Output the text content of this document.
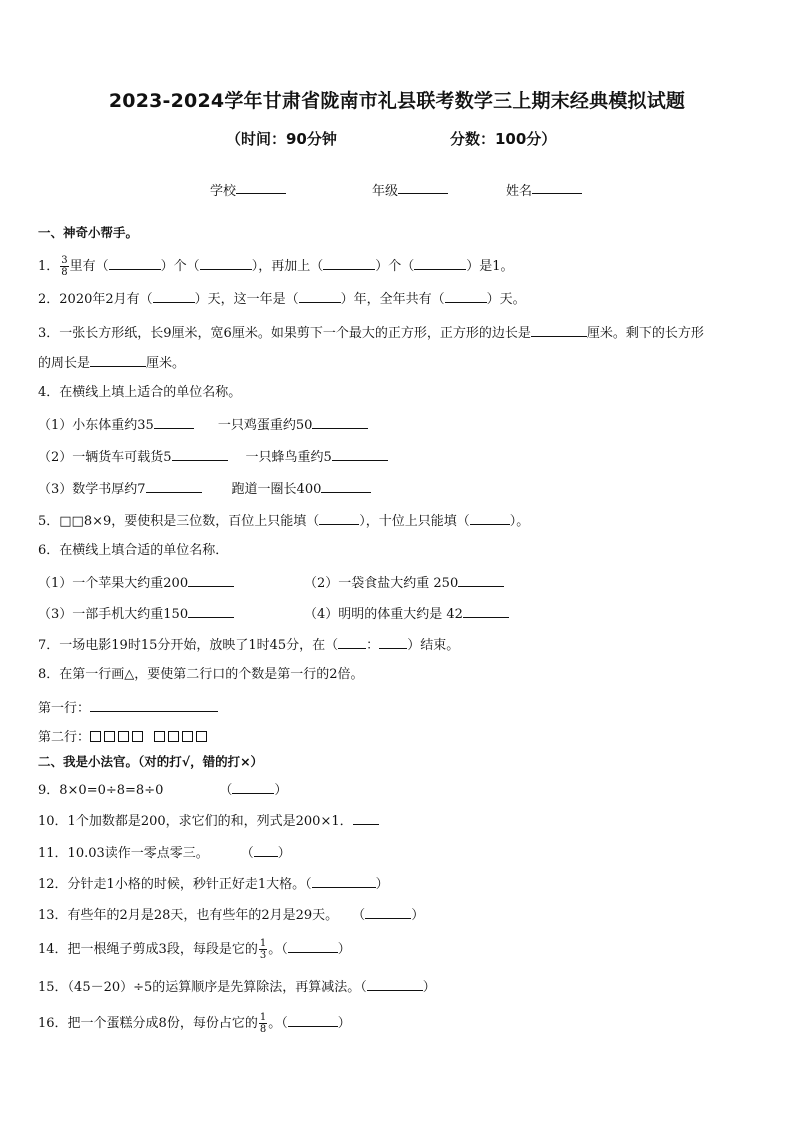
2023-2024学年甘肃省陇南市礼县联考数学三上期末经典模拟试题
（时间：90分钟	分数：100分）
学校	年级	姓名
一、神奇小帮手。
1． $\frac{3}{8}$ 里有（	）个（	），再加上（	）个（	）是1。
2．2020年2月有（	）天，这一年是（	）年，全年共有（	）天。
3．一张长方形纸，长9厘米，宽6厘米。如果剪下一个最大的正方形，正方形的边长是	厘米。剩下的长方形
的周长是	厘米。
4．在横线上填上适合的单位名称。
（1）小东体重约35	一只鸡蛋重约50
（2）一辆货车可载货5	一只蜂鸟重约5
（3）数学书厚约7	跑道一圈长400
5．□□8×9，要使积是三位数，百位上只能填（	），十位上只能填（	）。
6．在横线上填合适的单位名称．
（1）一个苹果大约重200	（2）一袋食盐大约重 250
（3）一部手机大约重150	（4）明明的体重大约是 42
7．一场电影19时15分开始，放映了1时45分，在（ ： ）结束。
8．在第一行画△，要使第二行口的个数是第一行的2倍。
第一行：
第二行：
二、我是小法官。（对的打√，错的打×）
9．8×0=0÷8=8÷0	（	）
10．1个加数都是200，求它们的和，列式是200×1．
11．10.03读作一零点零三。 （ ）
12．分针走1小格的时候，秒针正好走1大格。（	）
13．有些年的2月是28天，也有些年的2月是29天。 （	）
14．把一根绳子剪成3段，每段是它的 $\frac{1}{3}$ 。（	）
15．（45－20）÷5的运算顺序是先算除法，再算减法。（	）
16．把一个蛋糕分成8份，每份占它的 $\frac{1}{8}$ 。（	）
